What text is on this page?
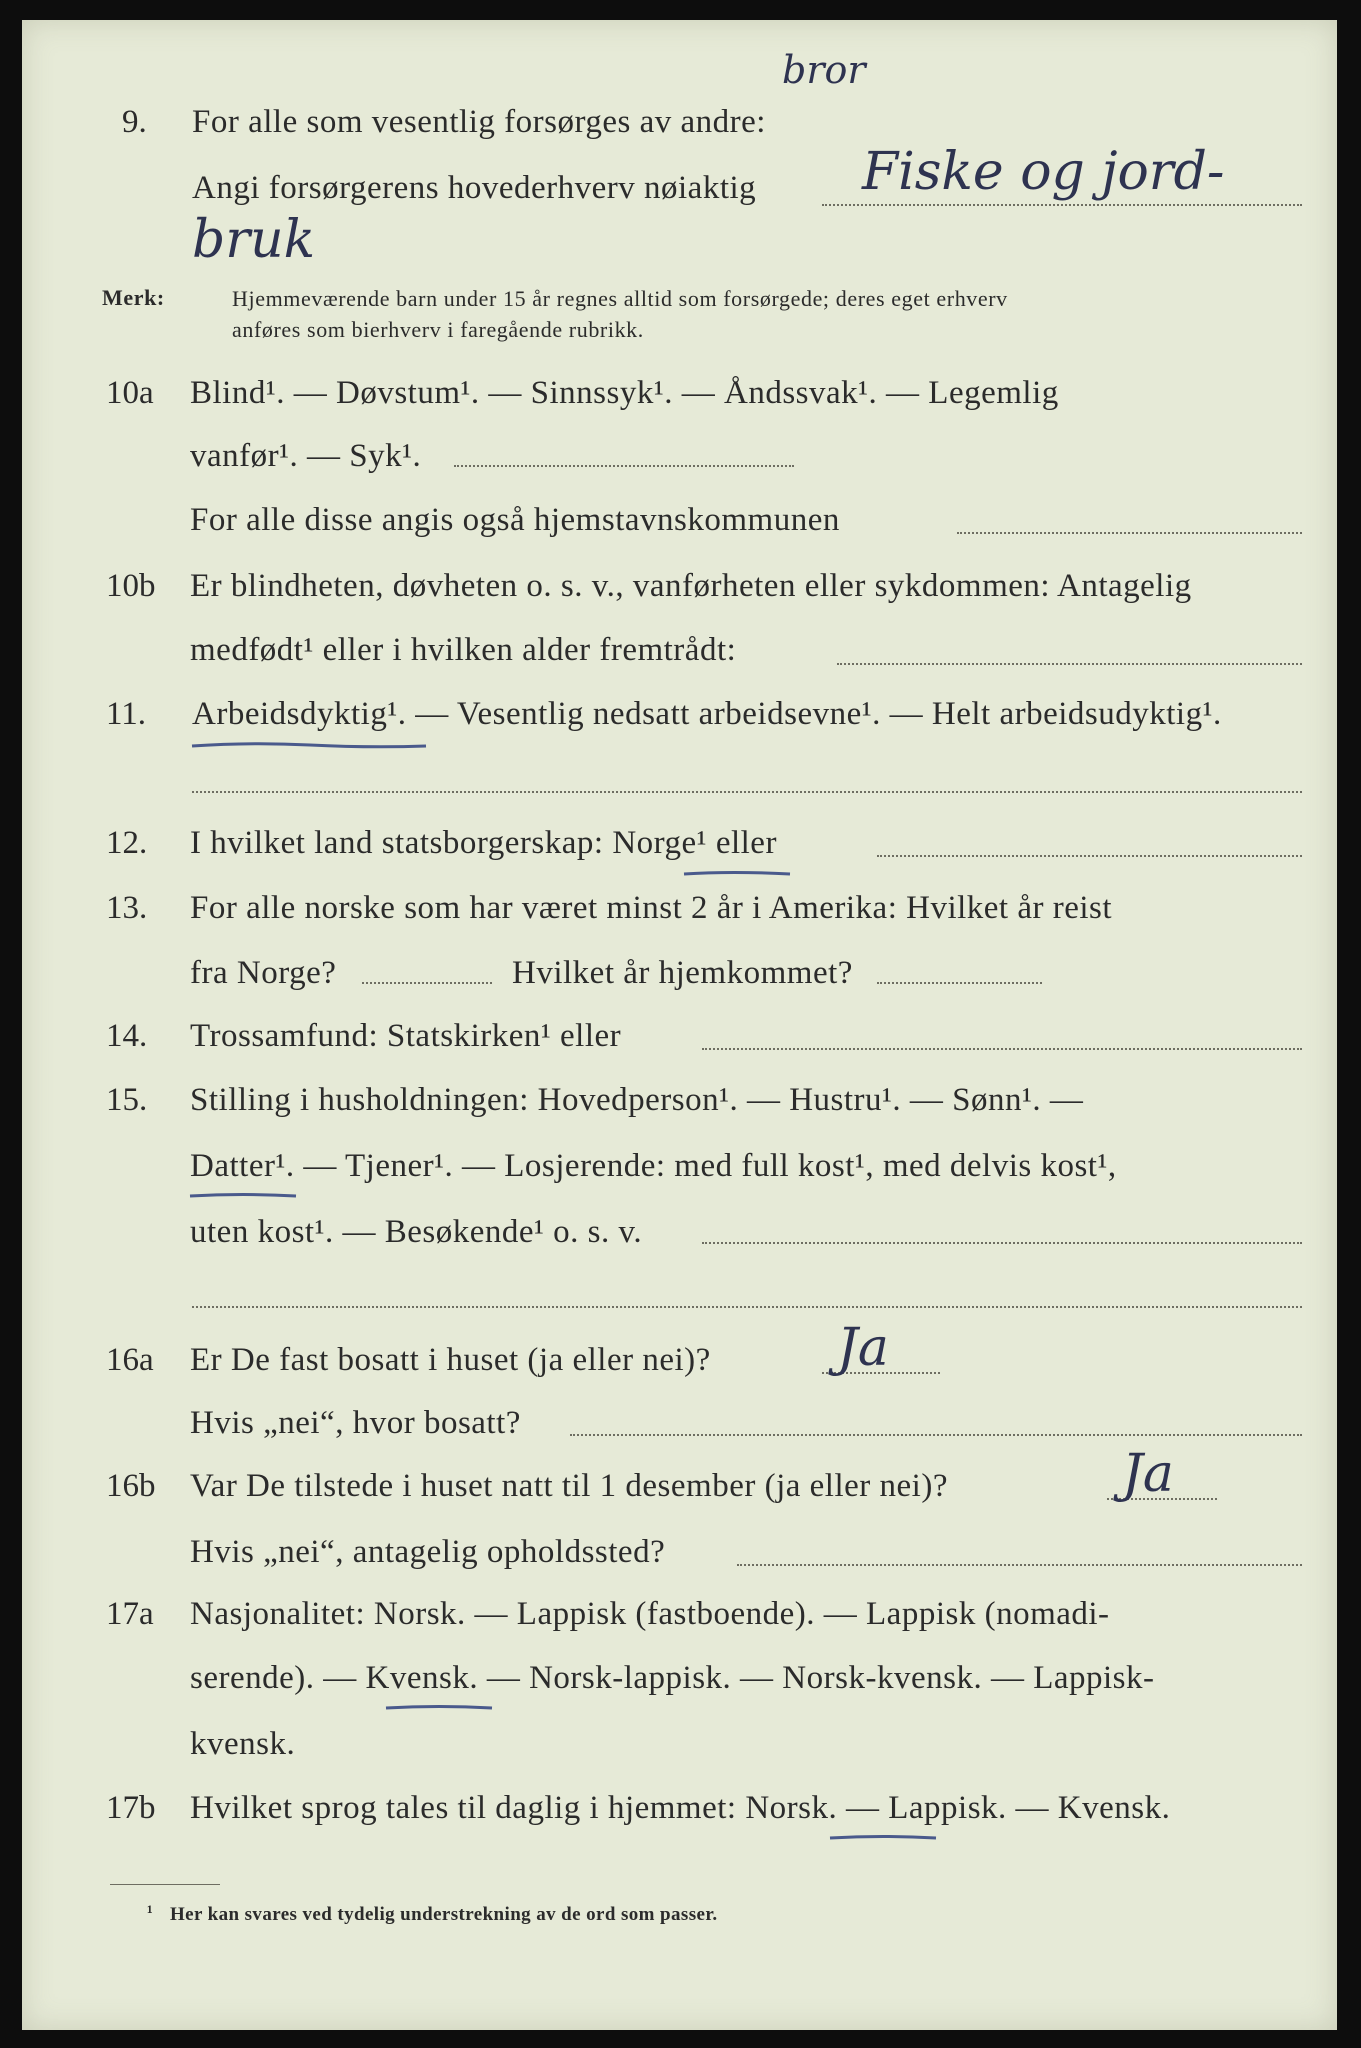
9. For alle som vesentlig forsørges av andre:
bror
Angi forsørgerens hovederhverv nøiaktig Fiske og jord-
bruk
Merk:	Hjemmeværende barn under 15 år regnes alltid som forsørgede; deres eget erhverv
anføres som bierhverv i faregående rubrikk.
10a Blind¹. — Døvstum¹. — Sinnssyk¹. — Åndssvak¹. — Legemlig
vanfør¹. — Syk¹.
For alle disse angis også hjemstavnskommunen
10b Er blindheten, døvheten o. s. v., vanførheten eller sykdommen: Antagelig
medfødt¹ eller i hvilken alder fremtrådt:
11. Arbeidsdyktig¹. — Vesentlig nedsatt arbeidsevne¹. — Helt arbeidsudyktig¹.
12. I hvilket land statsborgerskap: Norge¹ eller
13. For alle norske som har været minst 2 år i Amerika: Hvilket år reist
fra Norge?	Hvilket år hjemkommet?
14. Trossamfund: Statskirken¹ eller
15. Stilling i husholdningen: Hovedperson¹. — Hustru¹. — Sønn¹. —
Datter¹. — Tjener¹. — Losjerende: med full kost¹, med delvis kost¹,
uten kost¹. — Besøkende¹ o. s. v.
16a Er De fast bosatt i huset (ja eller nei)? Ja
Hvis „nei“, hvor bosatt?
16b Var De tilstede i huset natt til 1 desember (ja eller nei)?	Ja
Hvis „nei“, antagelig opholdssted?
17a Nasjonalitet: Norsk. — Lappisk (fastboende). — Lappisk (nomadi-
serende). — Kvensk. — Norsk-lappisk. — Norsk-kvensk. — Lappisk-
kvensk.
17b Hvilket sprog tales til daglig i hjemmet: Norsk. — Lappisk. — Kvensk.
¹ Her kan svares ved tydelig understrekning av de ord som passer.
